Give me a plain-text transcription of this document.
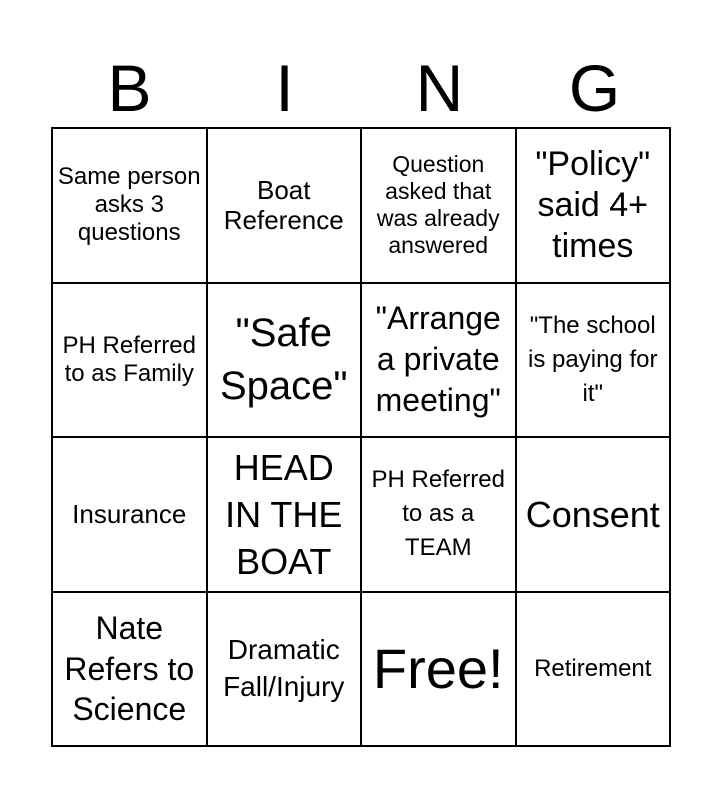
B	I	N	G
Same person asks 3 questions
Boat Reference
Question asked that was already answered
"Policy" said 4+ times
PH Referred to as Family
"Safe Space"
"Arrange a private meeting"
"The school is paying for it"
Insurance
HEAD IN THE BOAT
PH Referred to as a TEAM
Consent
Nate Refers to Science
Dramatic Fall/Injury Free! Retirement
